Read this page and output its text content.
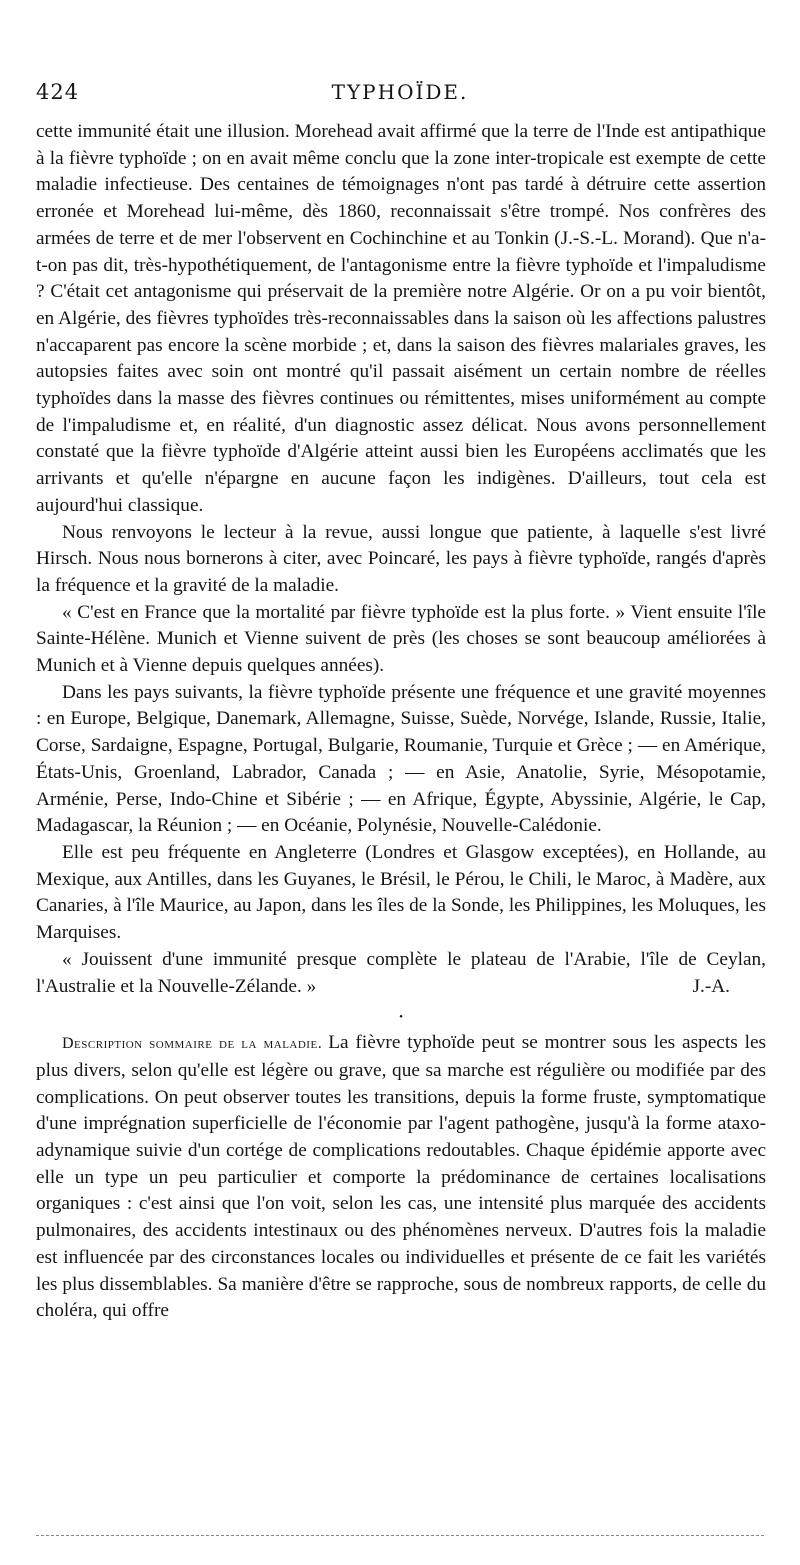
424	TYPHOÏDE.

cette immunité était une illusion. Morehead avait affirmé que la terre de l'Inde est antipathique à la fièvre typhoïde ; on en avait même conclu que la zone inter-tropicale est exempte de cette maladie infectieuse. Des centaines de témoignages n'ont pas tardé à détruire cette assertion erronée et Morehead lui-même, dès 1860, reconnaissait s'être trompé. Nos confrères des armées de terre et de mer l'observent en Cochinchine et au Tonkin (J.-S.-L. Morand). Que n'a-t-on pas dit, très-hypothétiquement, de l'antagonisme entre la fièvre typhoïde et l'impaludisme ? C'était cet antagonisme qui préservait de la première notre Algérie. Or on a pu voir bientôt, en Algérie, des fièvres typhoïdes très-reconnaissables dans la saison où les affections palustres n'accaparent pas encore la scène morbide ; et, dans la saison des fièvres malariales graves, les autopsies faites avec soin ont montré qu'il passait aisément un certain nombre de réelles typhoïdes dans la masse des fièvres continues ou rémittentes, mises uniformément au compte de l'impaludisme et, en réalité, d'un diagnostic assez délicat. Nous avons personnellement constaté que la fièvre typhoïde d'Algérie atteint aussi bien les Européens acclimatés que les arrivants et qu'elle n'épargne en aucune façon les indigènes. D'ailleurs, tout cela est aujourd'hui classique.

Nous renvoyons le lecteur à la revue, aussi longue que patiente, à laquelle s'est livré Hirsch. Nous nous bornerons à citer, avec Poincaré, les pays à fièvre typhoïde, rangés d'après la fréquence et la gravité de la maladie.

« C'est en France que la mortalité par fièvre typhoïde est la plus forte. » Vient ensuite l'île Sainte-Hélène. Munich et Vienne suivent de près (les choses se sont beaucoup améliorées à Munich et à Vienne depuis quelques années).

Dans les pays suivants, la fièvre typhoïde présente une fréquence et une gravité moyennes : en Europe, Belgique, Danemark, Allemagne, Suisse, Suède, Norvége, Islande, Russie, Italie, Corse, Sardaigne, Espagne, Portugal, Bulgarie, Roumanie, Turquie et Grèce ; — en Amérique, États-Unis, Groenland, Labrador, Canada ; — en Asie, Anatolie, Syrie, Mésopotamie, Arménie, Perse, Indo-Chine et Sibérie ; — en Afrique, Égypte, Abyssinie, Algérie, le Cap, Madagascar, la Réunion ; — en Océanie, Polynésie, Nouvelle-Calédonie.

Elle est peu fréquente en Angleterre (Londres et Glasgow exceptées), en Hollande, au Mexique, aux Antilles, dans les Guyanes, le Brésil, le Pérou, le Chili, le Maroc, à Madère, aux Canaries, à l'île Maurice, au Japon, dans les îles de la Sonde, les Philippines, les Moluques, les Marquises.

« Jouissent d'une immunité presque complète le plateau de l'Arabie, l'île de Ceylan, l'Australie et la Nouvelle-Zélande. »	J.-A.

•

Description sommaire de la maladie. La fièvre typhoïde peut se montrer sous les aspects les plus divers, selon qu'elle est légère ou grave, que sa marche est régulière ou modifiée par des complications. On peut observer toutes les transitions, depuis la forme fruste, symptomatique d'une imprégnation superficielle de l'économie par l'agent pathogène, jusqu'à la forme ataxo-adynamique suivie d'un cortége de complications redoutables. Chaque épidémie apporte avec elle un type un peu particulier et comporte la prédominance de certaines localisations organiques : c'est ainsi que l'on voit, selon les cas, une intensité plus marquée des accidents pulmonaires, des accidents intestinaux ou des phénomènes nerveux. D'autres fois la maladie est influencée par des circonstances locales ou individuelles et présente de ce fait les variétés les plus dissemblables. Sa manière d'être se rapproche, sous de nombreux rapports, de celle du choléra, qui offre
